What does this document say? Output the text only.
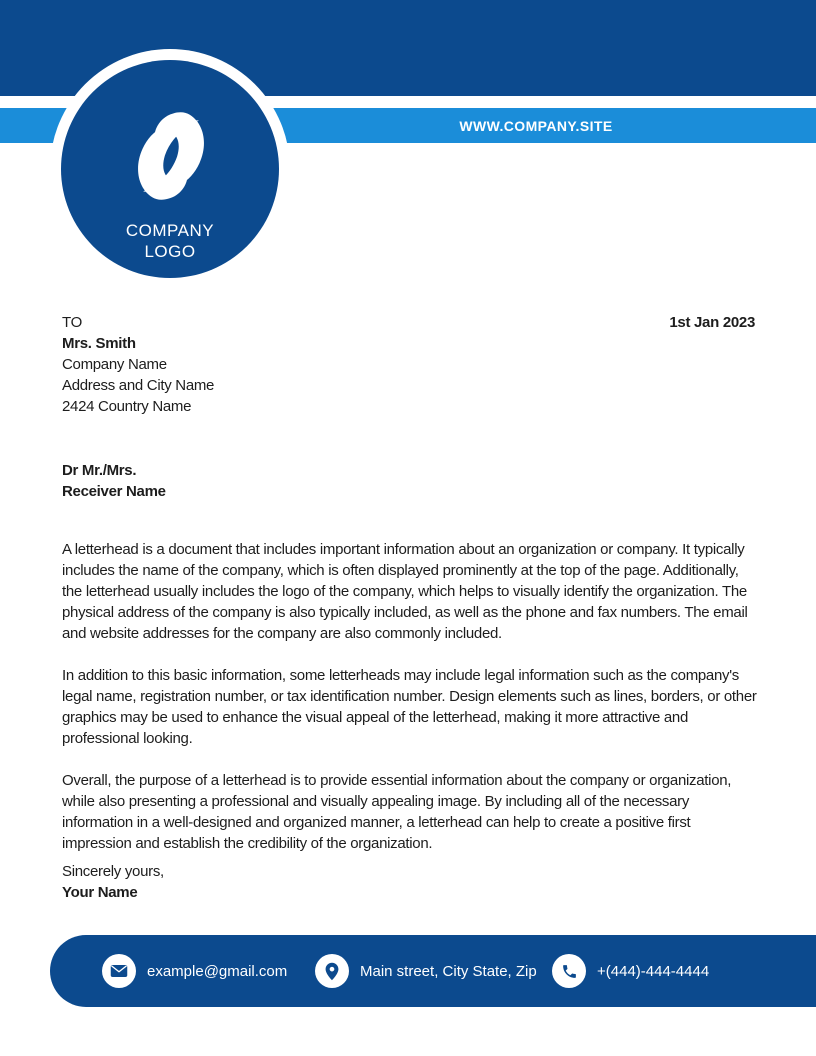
WWW.COMPANY.SITE
COMPANY
LOGO
1st Jan 2023

TO

Mrs. Smith

Company Name

Address and City Name

2424 Country Name

Dr Mr./Mrs.

Receiver Name

A letterhead is a document that includes important information about an organization or company. It typically includes the name of the company, which is often displayed prominently at the top of the page. Additionally, the letterhead usually includes the logo of the company, which helps to visually identify the organization. The physical address of the company is also typically included, as well as the phone and fax numbers. The email and website addresses for the company are also commonly included.

In addition to this basic information, some letterheads may include legal information such as the company's legal name, registration number, or tax identification number. Design elements such as lines, borders, or other graphics may be used to enhance the visual appeal of the letterhead, making it more attractive and professional looking.

Overall, the purpose of a letterhead is to provide essential information about the company or organization, while also presenting a professional and visually appealing image. By including all of the necessary information in a well-designed and organized manner, a letterhead can help to create a positive first impression and establish the credibility of the organization.

Sincerely yours,

Your Name

example@gmail.com	Main street, City State, Zip	+(444)-444-4444
